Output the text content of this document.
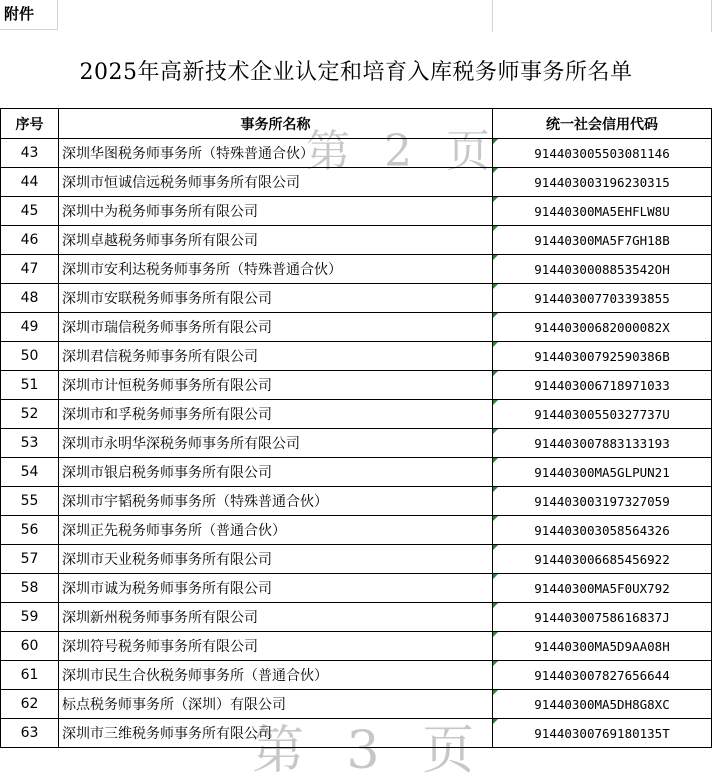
附件
2025年高新技术企业认定和培育入库税务师事务所名单
序号	事务所名称	统一社会信用代码
43	深圳华图税务师事务所（特殊普通合伙）	914403005503081146
44	深圳市恒诚信远税务师事务所有限公司	914403003196230315
45	深圳中为税务师事务所有限公司	91440300MA5EHFLW8U
46	深圳卓越税务师事务所有限公司	91440300MA5F7GH18B
47	深圳市安利达税务师事务所（特殊普通合伙）	9144030008853542OH
48	深圳市安联税务师事务所有限公司	914403007703393855
49	深圳市瑞信税务师事务所有限公司	91440300682000082X
50	深圳君信税务师事务所有限公司	91440300792590386B
51	深圳市计恒税务师事务所有限公司	914403006718971033
52	深圳市和孚税务师事务所有限公司	91440300550327737U
53	深圳市永明华深税务师事务所有限公司	914403007883133193
54	深圳市银启税务师事务所有限公司	91440300MA5GLPUN21
55	深圳市宇韬税务师事务所（特殊普通合伙）	914403003197327059
56	深圳正先税务师事务所（普通合伙）	914403003058564326
57	深圳市天业税务师事务所有限公司	914403006685456922
58	深圳市诚为税务师事务所有限公司	91440300MA5F0UX792
59	深圳新州税务师事务所有限公司	91440300758616837J
60	深圳符号税务师事务所有限公司	91440300MA5D9AA08H
61	深圳市民生合伙税务师事务所（普通合伙）	914403007827656644
62	标点税务师事务所（深圳）有限公司	91440300MA5DH8G8XC
63	深圳市三维税务师事务所有限公司	91440300769180135T
第 2 页
第 3 页
